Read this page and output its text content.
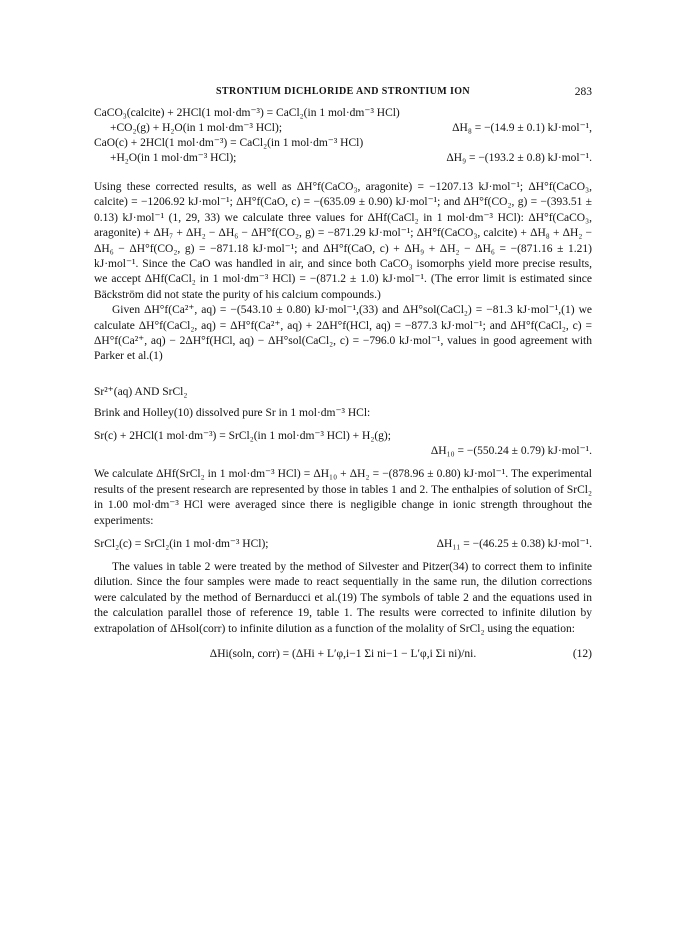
STRONTIUM DICHLORIDE AND STRONTIUM ION	283
CaCO₃(calcite) + 2HCl(1 mol·dm⁻³) = CaCl₂(in 1 mol·dm⁻³ HCl)
+CO₂(g) + H₂O(in 1 mol·dm⁻³ HCl);	ΔH₈ = −(14.9 ± 0.1) kJ·mol⁻¹,
CaO(c) + 2HCl(1 mol·dm⁻³) = CaCl₂(in 1 mol·dm⁻³ HCl)
+H₂O(in 1 mol·dm⁻³ HCl);	ΔH₉ = −(193.2 ± 0.8) kJ·mol⁻¹.

Using these corrected results, as well as ΔH°f(CaCO₃, aragonite) = −1207.13 kJ·mol⁻¹; ΔH°f(CaCO₃, calcite) = −1206.92 kJ·mol⁻¹; ΔH°f(CaO, c) = −(635.09 ± 0.90) kJ·mol⁻¹; and ΔH°f(CO₂, g) = −(393.51 ± 0.13) kJ·mol⁻¹ (1, 29, 33) we calculate three values for ΔHf(CaCl₂ in 1 mol·dm⁻³ HCl): ΔH°f(CaCO₃, aragonite) + ΔH₇ + ΔH₂ − ΔH₆ − ΔH°f(CO₂, g) = −871.29 kJ·mol⁻¹; ΔH°f(CaCO₃, calcite) + ΔH₈ + ΔH₂ − ΔH₆ − ΔH°f(CO₂, g) = −871.18 kJ·mol⁻¹; and ΔH°f(CaO, c) + ΔH₉ + ΔH₂ − ΔH₆ = −(871.16 ± 1.21) kJ·mol⁻¹. Since the CaO was handled in air, and since both CaCO₃ isomorphs yield more precise results, we accept ΔHf(CaCl₂ in 1 mol·dm⁻³ HCl) = −(871.2 ± 1.0) kJ·mol⁻¹. (The error limit is estimated since Bäckström did not state the purity of his calcium compounds.)

Given ΔH°f(Ca²⁺, aq) = −(543.10 ± 0.80) kJ·mol⁻¹,(33) and ΔH°sol(CaCl₂) = −81.3 kJ·mol⁻¹,(1) we calculate ΔH°f(CaCl₂, aq) = ΔH°f(Ca²⁺, aq) + 2ΔH°f(HCl, aq) = −877.3 kJ·mol⁻¹; and ΔH°f(CaCl₂, c) = ΔH°f(Ca²⁺, aq) − 2ΔH°f(HCl, aq) − ΔH°sol(CaCl₂, c) = −796.0 kJ·mol⁻¹, values in good agreement with Parker et al.(1)

Sr²⁺(aq) AND SrCl₂

Brink and Holley(10) dissolved pure Sr in 1 mol·dm⁻³ HCl:

Sr(c) + 2HCl(1 mol·dm⁻³) = SrCl₂(in 1 mol·dm⁻³ HCl) + H₂(g);
ΔH₁₀ = −(550.24 ± 0.79) kJ·mol⁻¹.

We calculate ΔHf(SrCl₂ in 1 mol·dm⁻³ HCl) = ΔH₁₀ + ΔH₂ = −(878.96 ± 0.80) kJ·mol⁻¹. The experimental results of the present research are represented by those in tables 1 and 2. The enthalpies of solution of SrCl₂ in 1.00 mol·dm⁻³ HCl were averaged since there is negligible change in ionic strength throughout the experiments:

SrCl₂(c) = SrCl₂(in 1 mol·dm⁻³ HCl);	ΔH₁₁ = −(46.25 ± 0.38) kJ·mol⁻¹.

The values in table 2 were treated by the method of Silvester and Pitzer(34) to correct them to infinite dilution. Since the four samples were made to react sequentially in the same run, the dilution corrections were calculated by the method of Bernarducci et al.(19) The symbols of table 2 and the equations used in the calculation parallel those of reference 19, table 1. The results were corrected to infinite dilution by extrapolation of ΔHsol(corr) to infinite dilution as a function of the molality of SrCl₂ using the equation:

ΔHi(soln, corr) = (ΔHi + L′φ,i−1 Σi ni−1 − L′φ,i Σi ni)/ni.	(12)
